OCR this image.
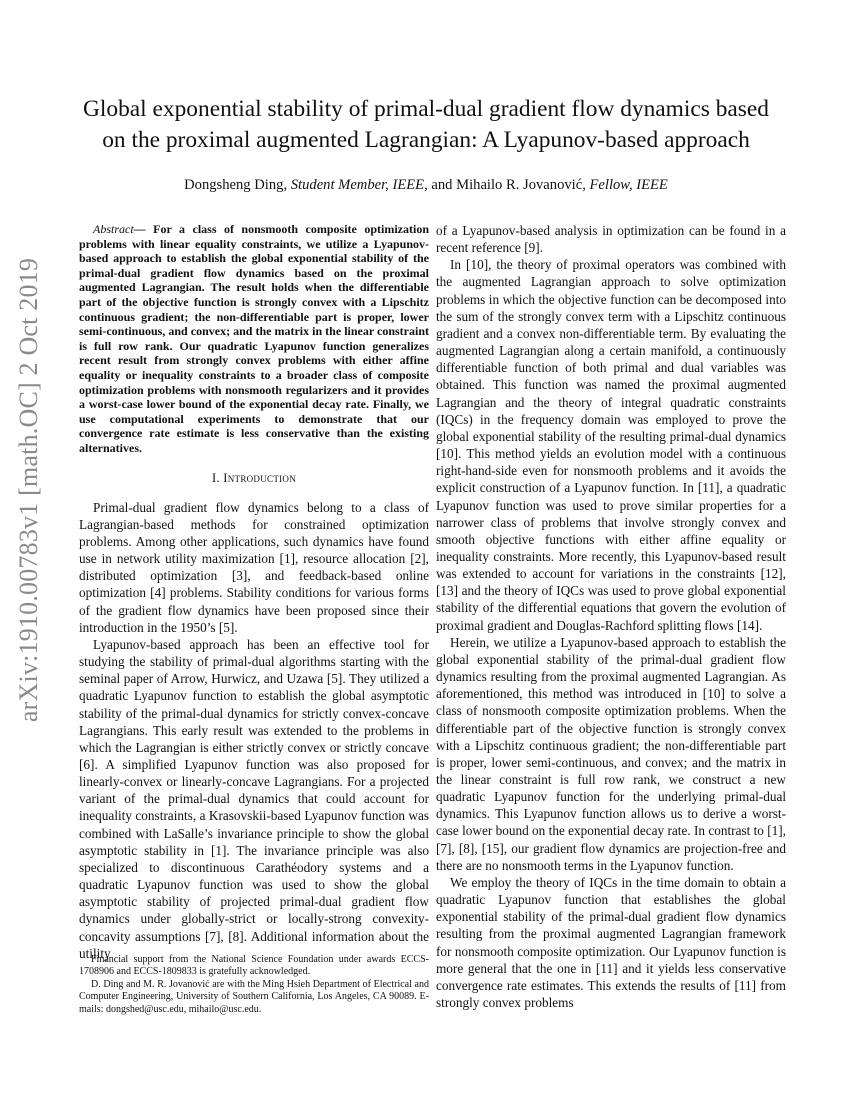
arXiv:1910.00783v1 [math.OC] 2 Oct 2019
Global exponential stability of primal-dual gradient flow dynamics based on the proximal augmented Lagrangian: A Lyapunov-based approach
Dongsheng Ding, Student Member, IEEE, and Mihailo R. Jovanović, Fellow, IEEE

Abstract— For a class of nonsmooth composite optimization problems with linear equality constraints, we utilize a Lyapunov-based approach to establish the global exponential stability of the primal-dual gradient flow dynamics based on the proximal augmented Lagrangian. The result holds when the differentiable part of the objective function is strongly convex with a Lipschitz continuous gradient; the non-differentiable part is proper, lower semi-continuous, and convex; and the matrix in the linear constraint is full row rank. Our quadratic Lyapunov function generalizes recent result from strongly convex problems with either affine equality or inequality constraints to a broader class of composite optimization problems with nonsmooth regularizers and it provides a worst-case lower bound of the exponential decay rate. Finally, we use computational experiments to demonstrate that our convergence rate estimate is less conservative than the existing alternatives.

I. Introduction

Primal-dual gradient flow dynamics belong to a class of Lagrangian-based methods for constrained optimization problems. Among other applications, such dynamics have found use in network utility maximization [1], resource allocation [2], distributed optimization [3], and feedback-based online optimization [4] problems. Stability conditions for various forms of the gradient flow dynamics have been proposed since their introduction in the 1950’s [5].

Lyapunov-based approach has been an effective tool for studying the stability of primal-dual algorithms starting with the seminal paper of Arrow, Hurwicz, and Uzawa [5]. They utilized a quadratic Lyapunov function to establish the global asymptotic stability of the primal-dual dynamics for strictly convex-concave Lagrangians. This early result was extended to the problems in which the Lagrangian is either strictly convex or strictly concave [6]. A simplified Lyapunov function was also proposed for linearly-convex or linearly-concave Lagrangians. For a projected variant of the primal-dual dynamics that could account for inequality constraints, a Krasovskii-based Lyapunov function was combined with LaSalle’s invariance principle to show the global asymptotic stability in [1]. The invariance principle was also specialized to discontinuous Carathéodory systems and a quadratic Lyapunov function was used to show the global asymptotic stability of projected primal-dual gradient flow dynamics under globally-strict or locally-strong convexity-concavity assumptions [7], [8]. Additional information about the utility

Financial support from the National Science Foundation under awards ECCS-1708906 and ECCS-1809833 is gratefully acknowledged.

D. Ding and M. R. Jovanović are with the Ming Hsieh Department of Electrical and Computer Engineering, University of Southern California, Los Angeles, CA 90089. E-mails: dongshed@usc.edu, mihailo@usc.edu.

of a Lyapunov-based analysis in optimization can be found in a recent reference [9].

In [10], the theory of proximal operators was combined with the augmented Lagrangian approach to solve optimization problems in which the objective function can be decomposed into the sum of the strongly convex term with a Lipschitz continuous gradient and a convex non-differentiable term. By evaluating the augmented Lagrangian along a certain manifold, a continuously differentiable function of both primal and dual variables was obtained. This function was named the proximal augmented Lagrangian and the theory of integral quadratic constraints (IQCs) in the frequency domain was employed to prove the global exponential stability of the resulting primal-dual dynamics [10]. This method yields an evolution model with a continuous right-hand-side even for nonsmooth problems and it avoids the explicit construction of a Lyapunov function. In [11], a quadratic Lyapunov function was used to prove similar properties for a narrower class of problems that involve strongly convex and smooth objective functions with either affine equality or inequality constraints. More recently, this Lyapunov-based result was extended to account for variations in the constraints [12], [13] and the theory of IQCs was used to prove global exponential stability of the differential equations that govern the evolution of proximal gradient and Douglas-Rachford splitting flows [14].

Herein, we utilize a Lyapunov-based approach to establish the global exponential stability of the primal-dual gradient flow dynamics resulting from the proximal augmented Lagrangian. As aforementioned, this method was introduced in [10] to solve a class of nonsmooth composite optimization problems. When the differentiable part of the objective function is strongly convex with a Lipschitz continuous gradient; the non-differentiable part is proper, lower semi-continuous, and convex; and the matrix in the linear constraint is full row rank, we construct a new quadratic Lyapunov function for the underlying primal-dual dynamics. This Lyapunov function allows us to derive a worst-case lower bound on the exponential decay rate. In contrast to [1], [7], [8], [15], our gradient flow dynamics are projection-free and there are no nonsmooth terms in the Lyapunov function.

We employ the theory of IQCs in the time domain to obtain a quadratic Lyapunov function that establishes the global exponential stability of the primal-dual gradient flow dynamics resulting from the proximal augmented Lagrangian framework for nonsmooth composite optimization. Our Lyapunov function is more general that the one in [11] and it yields less conservative convergence rate estimates. This extends the results of [11] from strongly convex problems
